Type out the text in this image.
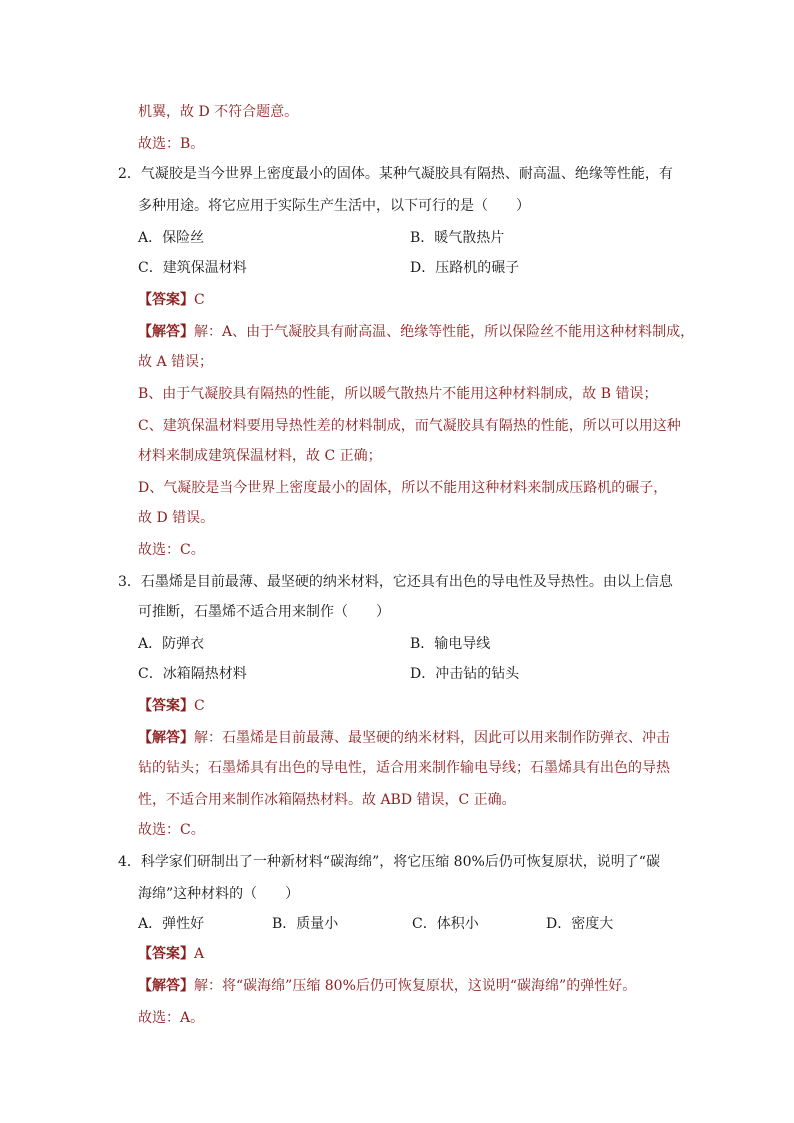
机翼，故 D 不符合题意。
故选：B。
2．气凝胶是当今世界上密度最小的固体。某种气凝胶具有隔热、耐高温、绝缘等性能，有
多种用途。将它应用于实际生产生活中，以下可行的是（　　）
A．保险丝	B．暖气散热片
C．建筑保温材料	D．压路机的碾子
【答案】C
【解答】解：A、由于气凝胶具有耐高温、绝缘等性能，所以保险丝不能用这种材料制成，
故 A 错误；
B、由于气凝胶具有隔热的性能，所以暖气散热片不能用这种材料制成，故 B 错误；
C、建筑保温材料要用导热性差的材料制成，而气凝胶具有隔热的性能，所以可以用这种
材料来制成建筑保温材料，故 C 正确；
D、气凝胶是当今世界上密度最小的固体，所以不能用这种材料来制成压路机的碾子，
故 D 错误。
故选：C。
3．石墨烯是目前最薄、最坚硬的纳米材料，它还具有出色的导电性及导热性。由以上信息
可推断，石墨烯不适合用来制作（　　）
A．防弹衣	B．输电导线
C．冰箱隔热材料	D．冲击钻的钻头
【答案】C
【解答】解：石墨烯是目前最薄、最坚硬的纳米材料，因此可以用来制作防弹衣、冲击
钻的钻头；石墨烯具有出色的导电性，适合用来制作输电导线；石墨烯具有出色的导热
性，不适合用来制作冰箱隔热材料。故 ABD 错误，C 正确。
故选：C。
4．科学家们研制出了一种新材料“碳海绵”，将它压缩 80%后仍可恢复原状，说明了“碳
海绵”这种材料的（　　）
A．弹性好	B．质量小	C．体积小	D．密度大
【答案】A
【解答】解：将“碳海绵”压缩 80%后仍可恢复原状，这说明“碳海绵”的弹性好。
故选：A。
